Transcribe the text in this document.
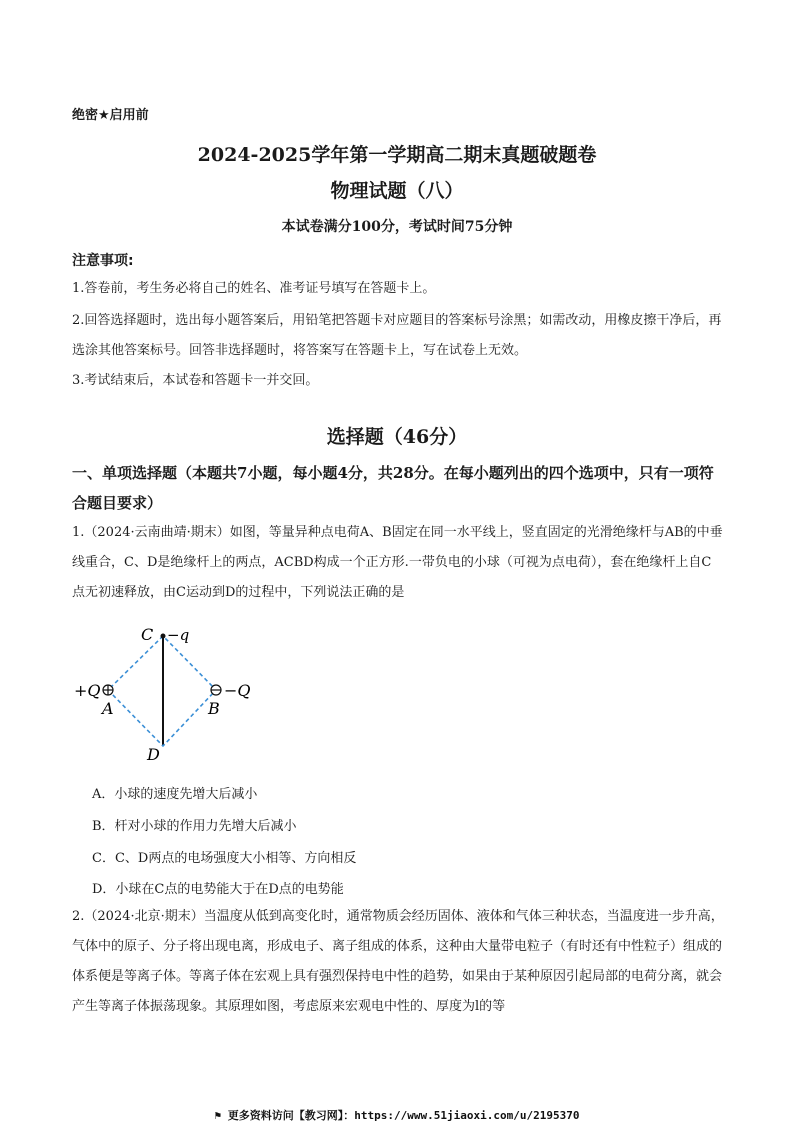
绝密★启用前
2024-2025学年第一学期高二期末真题破题卷
物理试题（八）
本试卷满分100分，考试时间75分钟
注意事项:
1.答卷前，考生务必将自己的姓名、准考证号填写在答题卡上。
2.回答选择题时，选出每小题答案后，用铅笔把答题卡对应题目的答案标号涂黑；如需改动，用橡皮擦干净后，再选涂其他答案标号。回答非选择题时，将答案写在答题卡上，写在试卷上无效。
3.考试结束后，本试卷和答题卡一并交回。
选择题（46分）
一、单项选择题（本题共7小题，每小题4分，共28分。在每小题列出的四个选项中，只有一项符合题目要求）
1.（2024·云南曲靖·期末）如图，等量异种点电荷A、B固定在同一水平线上，竖直固定的光滑绝缘杆与AB的中垂线重合，C、D是绝缘杆上的两点，ACBD构成一个正方形.一带负电的小球（可视为点电荷），套在绝缘杆上自C点无初速释放，由C运动到D的过程中，下列说法正确的是
C −q
+Q
A
−Q
B
D
A．小球的速度先增大后减小
B．杆对小球的作用力先增大后减小
C．C、D两点的电场强度大小相等、方向相反
D．小球在C点的电势能大于在D点的电势能
2.（2024·北京·期末）当温度从低到高变化时，通常物质会经历固体、液体和气体三种状态，当温度进一步升高，气体中的原子、分子将出现电离，形成电子、离子组成的体系，这种由大量带电粒子（有时还有中性粒子）组成的体系便是等离子体。等离子体在宏观上具有强烈保持电中性的趋势，如果由于某种原因引起局部的电荷分离，就会产生等离子体振荡现象。其原理如图，考虑原来宏观电中性的、厚度为l的等
⚑ 更多资料访问【教习网】：https://www.51jiaoxi.com/u/2195370
